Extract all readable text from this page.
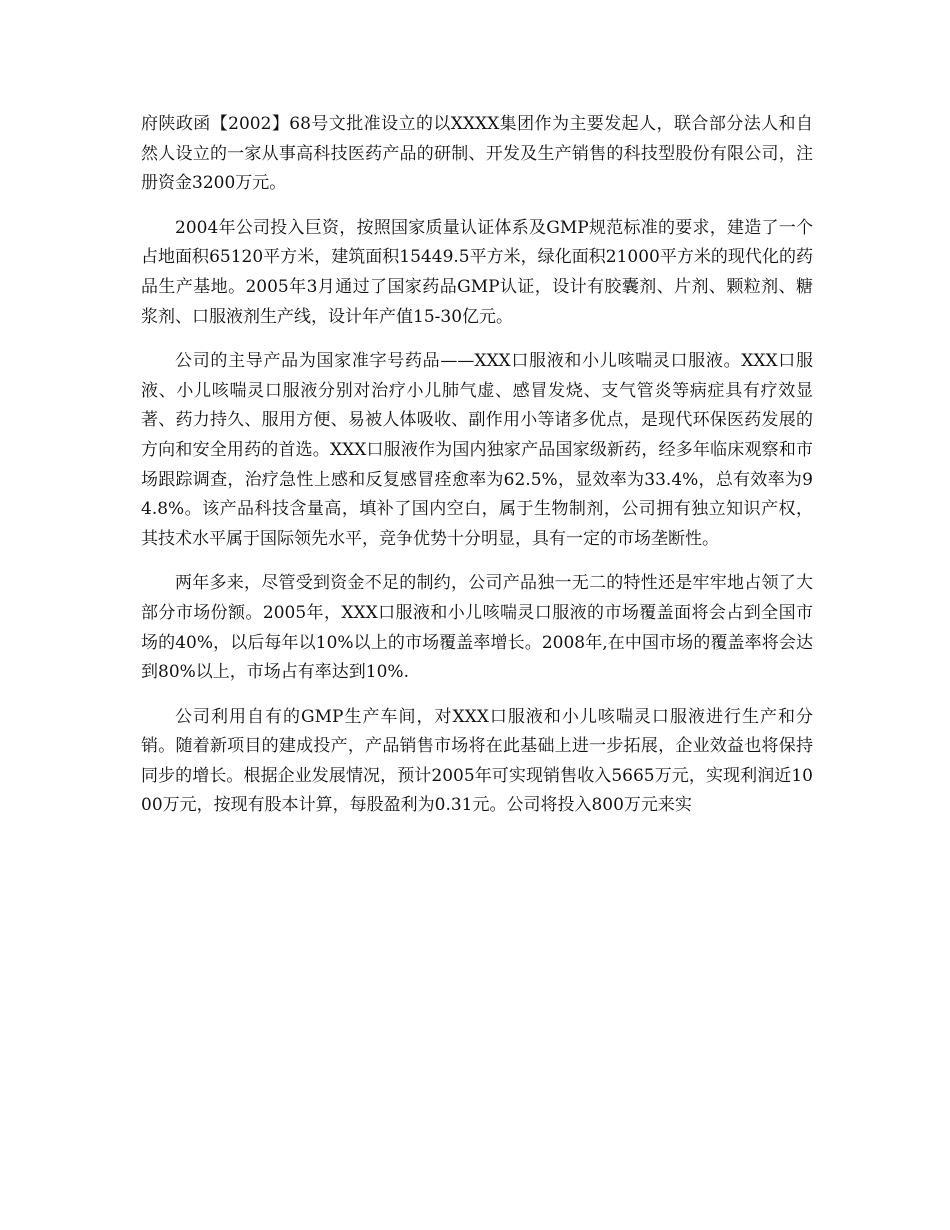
府陕政函【2002】68号文批准设立的以XXXX集团作为主要发起人，联合部分法人和自然人设立的一家从事高科技医药产品的研制、开发及生产销售的科技型股份有限公司，注册资金3200万元。

2004年公司投入巨资，按照国家质量认证体系及GMP规范标准的要求，建造了一个占地面积65120平方米，建筑面积15449.5平方米，绿化面积21000平方米的现代化的药品生产基地。2005年3月通过了国家药品GMP认证，设计有胶囊剂、片剂、颗粒剂、糖浆剂、口服液剂生产线，设计年产值15-30亿元。

公司的主导产品为国家准字号药品——XXX口服液和小儿咳喘灵口服液。XXX口服液、小儿咳喘灵口服液分别对治疗小儿肺气虚、感冒发烧、支气管炎等病症具有疗效显著、药力持久、服用方便、易被人体吸收、副作用小等诸多优点，是现代环保医药发展的方向和安全用药的首选。XXX口服液作为国内独家产品国家级新药，经多年临床观察和市场跟踪调查，治疗急性上感和反复感冒痊愈率为62.5%，显效率为33.4%，总有效率为94.8%。该产品科技含量高，填补了国内空白，属于生物制剂，公司拥有独立知识产权，其技术水平属于国际领先水平，竞争优势十分明显，具有一定的市场垄断性。

两年多来，尽管受到资金不足的制约，公司产品独一无二的特性还是牢牢地占领了大部分市场份额。2005年，XXX口服液和小儿咳喘灵口服液的市场覆盖面将会占到全国市场的40%，以后每年以10%以上的市场覆盖率增长。2008年,在中国市场的覆盖率将会达到80%以上，市场占有率达到10%.

公司利用自有的GMP生产车间，对XXX口服液和小儿咳喘灵口服液进行生产和分销。随着新项目的建成投产，产品销售市场将在此基础上进一步拓展，企业效益也将保持同步的增长。根据企业发展情况，预计2005年可实现销售收入5665万元，实现利润近1000万元，按现有股本计算，每股盈利为0.31元。公司将投入800万元来实
